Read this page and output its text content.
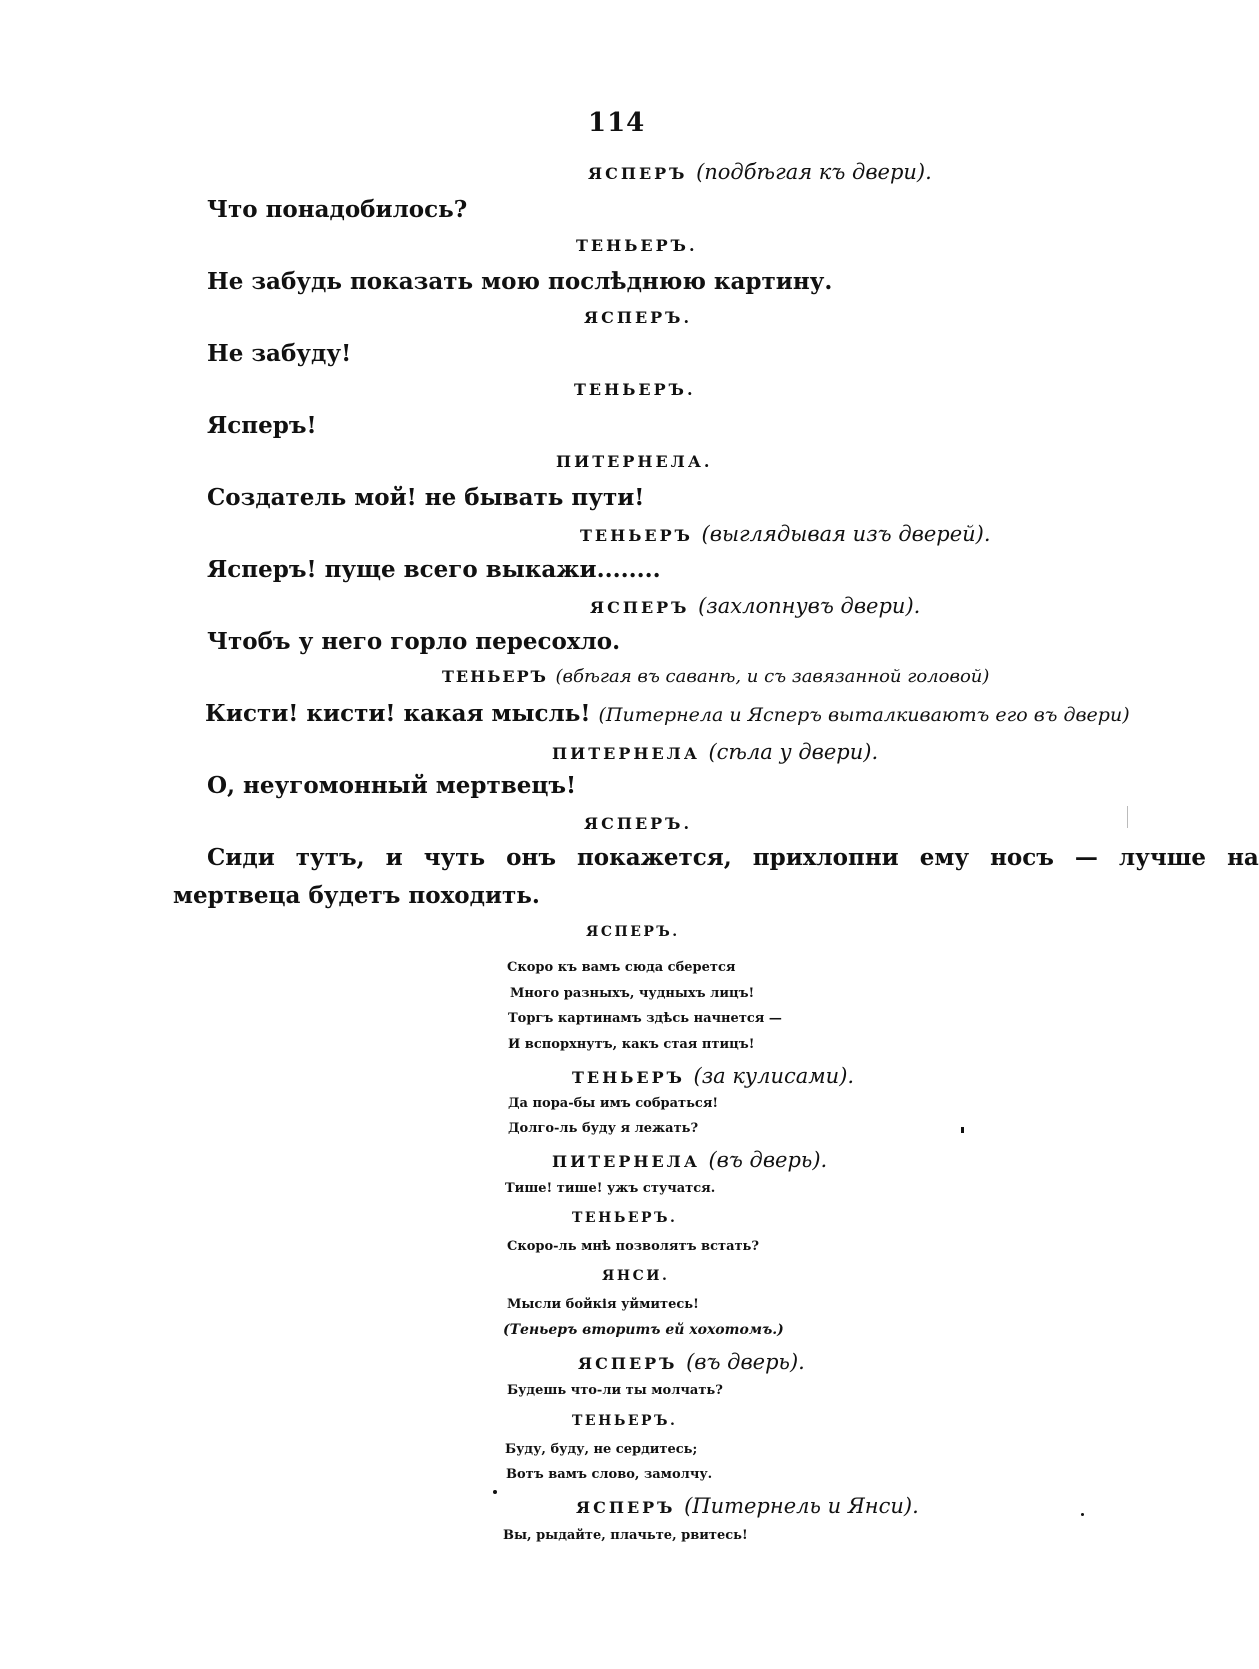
114
ЯСПЕРЪ (подбѣгая къ двери).
Что понадобилось?
ТЕНЬЕРЪ.
Не забудь показать мою послѣднюю картину.
ЯСПЕРЪ.
Не забуду!
ТЕНЬЕРЪ.
Ясперъ!
ПИТЕРНЕЛА.
Создатель мой! не бывать пути!
ТЕНЬЕРЪ (выглядывая изъ дверей).
Ясперъ! пуще всего выкажи........
ЯСПЕРЪ (захлопнувъ двери).
Чтобъ у него горло пересохло.
ТЕНЬЕРЪ (вбѣгая въ саванѣ, и съ завязанной головой)
Кисти! кисти! какая мысль! (Питернела и Ясперъ выталкиваютъ его въ двери)
ПИТЕРНЕЛА (сѣла у двери).
О, неугомонный мертвецъ!
ЯСПЕРЪ.
Сиди тутъ, и чуть онъ покажется, прихлопни ему носъ — лучше на
мертвеца будетъ походить.
ЯСПЕРЪ.
Скоро къ вамъ сюда сберется
Много разныхъ, чудныхъ лицъ!
Торгъ картинамъ здѣсь начнется —
И вспорхнутъ, какъ стая птицъ!
ТЕНЬЕРЪ (за кулисами).
Да пора-бы имъ собраться!
Долго-ль буду я лежать?
ПИТЕРНЕЛА (въ дверь).
Тише! тише! ужъ стучатся.
ТЕНЬЕРЪ.
Скоро-ль мнѣ позволятъ встать?
ЯНСИ.
Мысли бойкія уймитесь!
(Теньеръ вторитъ ей хохотомъ.)
ЯСПЕРЪ (въ дверь).
Будешь что-ли ты молчать?
ТЕНЬЕРЪ.
Буду, буду, не сердитесь;
Вотъ вамъ слово, замолчу.
ЯСПЕРЪ (Питернель и Янси).
Вы, рыдайте, плачьте, рвитесь!
